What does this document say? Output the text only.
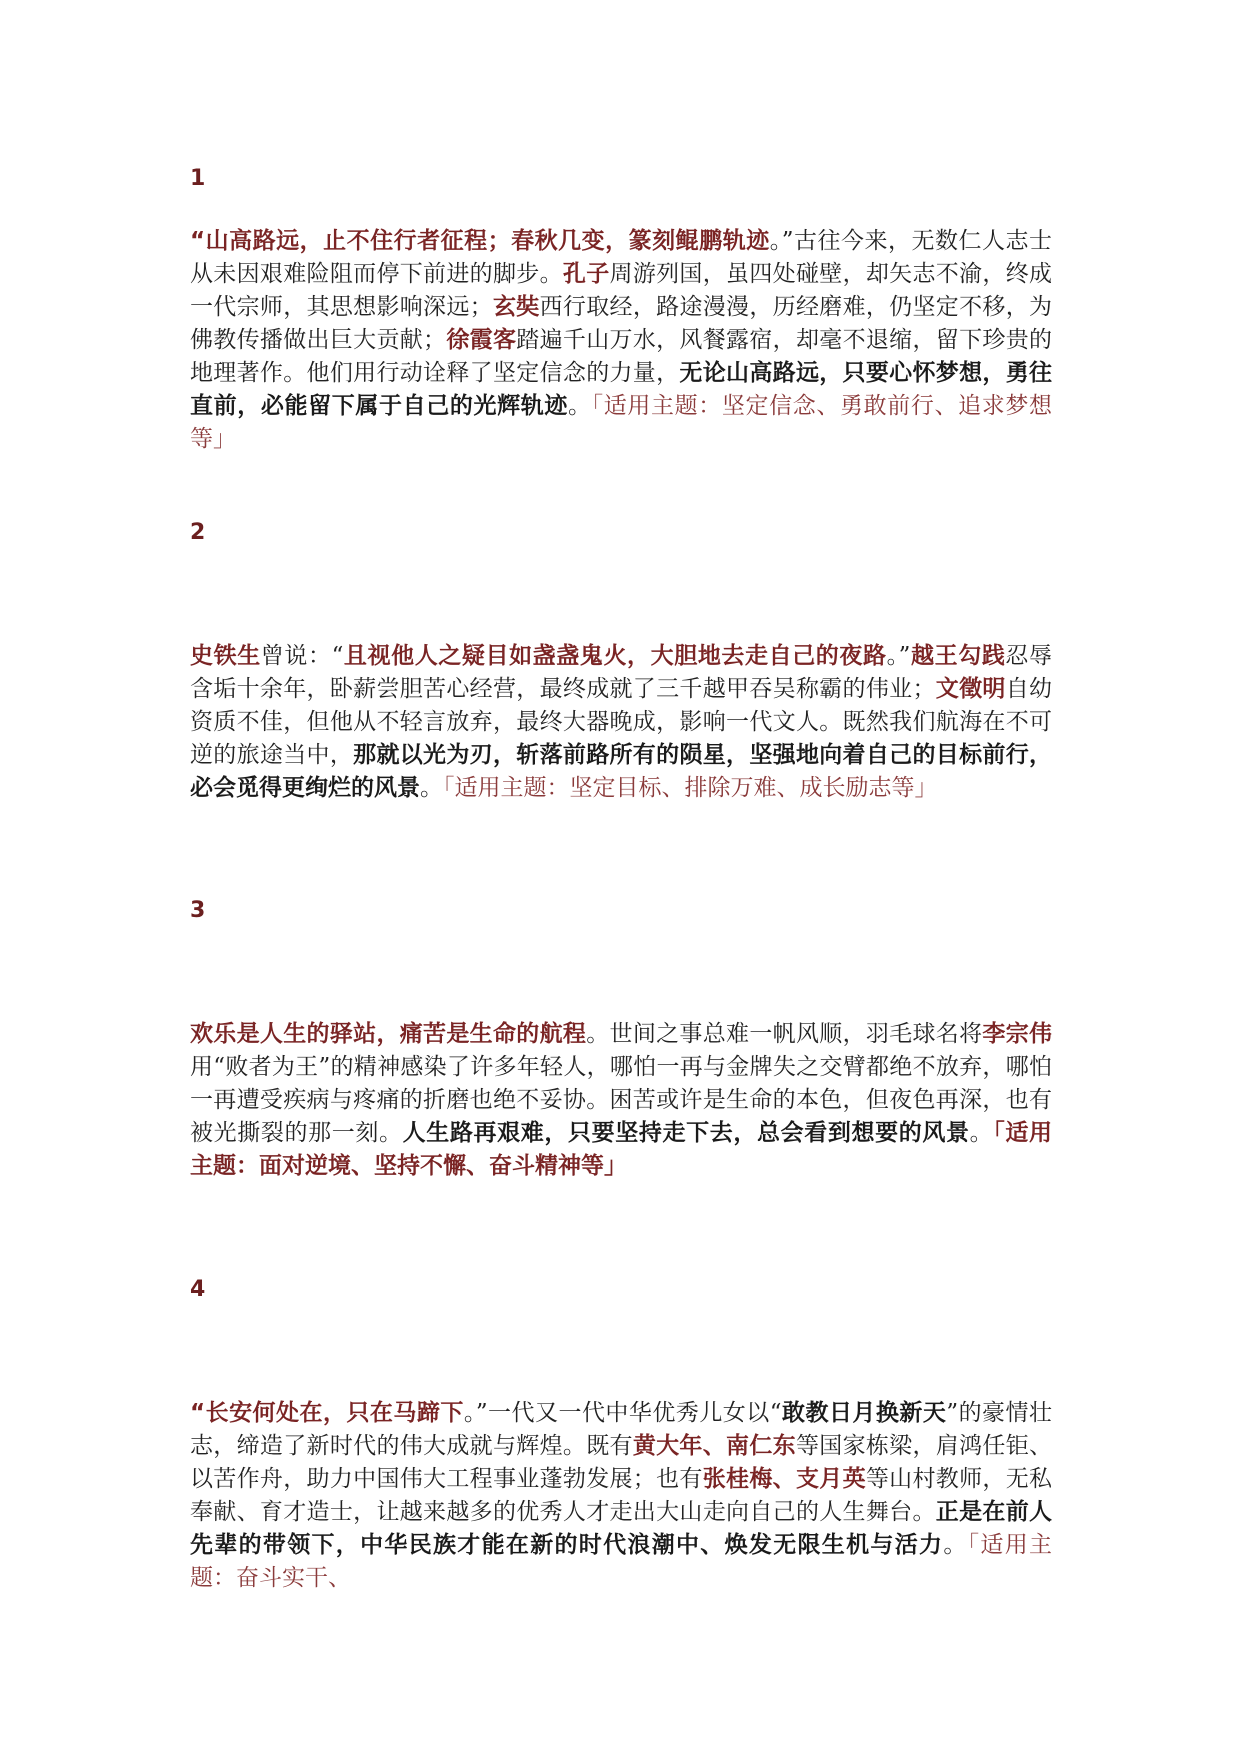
1

“山高路远，止不住行者征程；春秋几变，篆刻鲲鹏轨迹。”古往今来，无数仁人志士从未因艰难险阻而停下前进的脚步。孔子周游列国，虽四处碰壁，却矢志不渝，终成一代宗师，其思想影响深远；玄奘西行取经，路途漫漫，历经磨难，仍坚定不移，为佛教传播做出巨大贡献；徐霞客踏遍千山万水，风餐露宿，却毫不退缩，留下珍贵的地理著作。他们用行动诠释了坚定信念的力量，无论山高路远，只要心怀梦想，勇往直前，必能留下属于自己的光辉轨迹。「适用主题：坚定信念、勇敢前行、追求梦想等」

2

史铁生曾说：“且视他人之疑目如盏盏鬼火，大胆地去走自己的夜路。”越王勾践忍辱含垢十余年，卧薪尝胆苦心经营，最终成就了三千越甲吞吴称霸的伟业；文徵明自幼资质不佳，但他从不轻言放弃，最终大器晚成，影响一代文人。既然我们航海在不可逆的旅途当中，那就以光为刃，斩落前路所有的陨星，坚强地向着自己的目标前行，必会觅得更绚烂的风景。「适用主题：坚定目标、排除万难、成长励志等」

3

欢乐是人生的驿站，痛苦是生命的航程。世间之事总难一帆风顺，羽毛球名将李宗伟用“败者为王”的精神感染了许多年轻人，哪怕一再与金牌失之交臂都绝不放弃，哪怕一再遭受疾病与疼痛的折磨也绝不妥协。困苦或许是生命的本色，但夜色再深，也有被光撕裂的那一刻。人生路再艰难，只要坚持走下去，总会看到想要的风景。「适用主题：面对逆境、坚持不懈、奋斗精神等」

4

“长安何处在，只在马蹄下。”一代又一代中华优秀儿女以“敢教日月换新天”的豪情壮志，缔造了新时代的伟大成就与辉煌。既有黄大年、南仁东等国家栋梁，肩鸿任钜、以苦作舟，助力中国伟大工程事业蓬勃发展；也有张桂梅、支月英等山村教师，无私奉献、育才造士，让越来越多的优秀人才走出大山走向自己的人生舞台。正是在前人先辈的带领下，中华民族才能在新的时代浪潮中、焕发无限生机与活力。「适用主题：奋斗实干、
